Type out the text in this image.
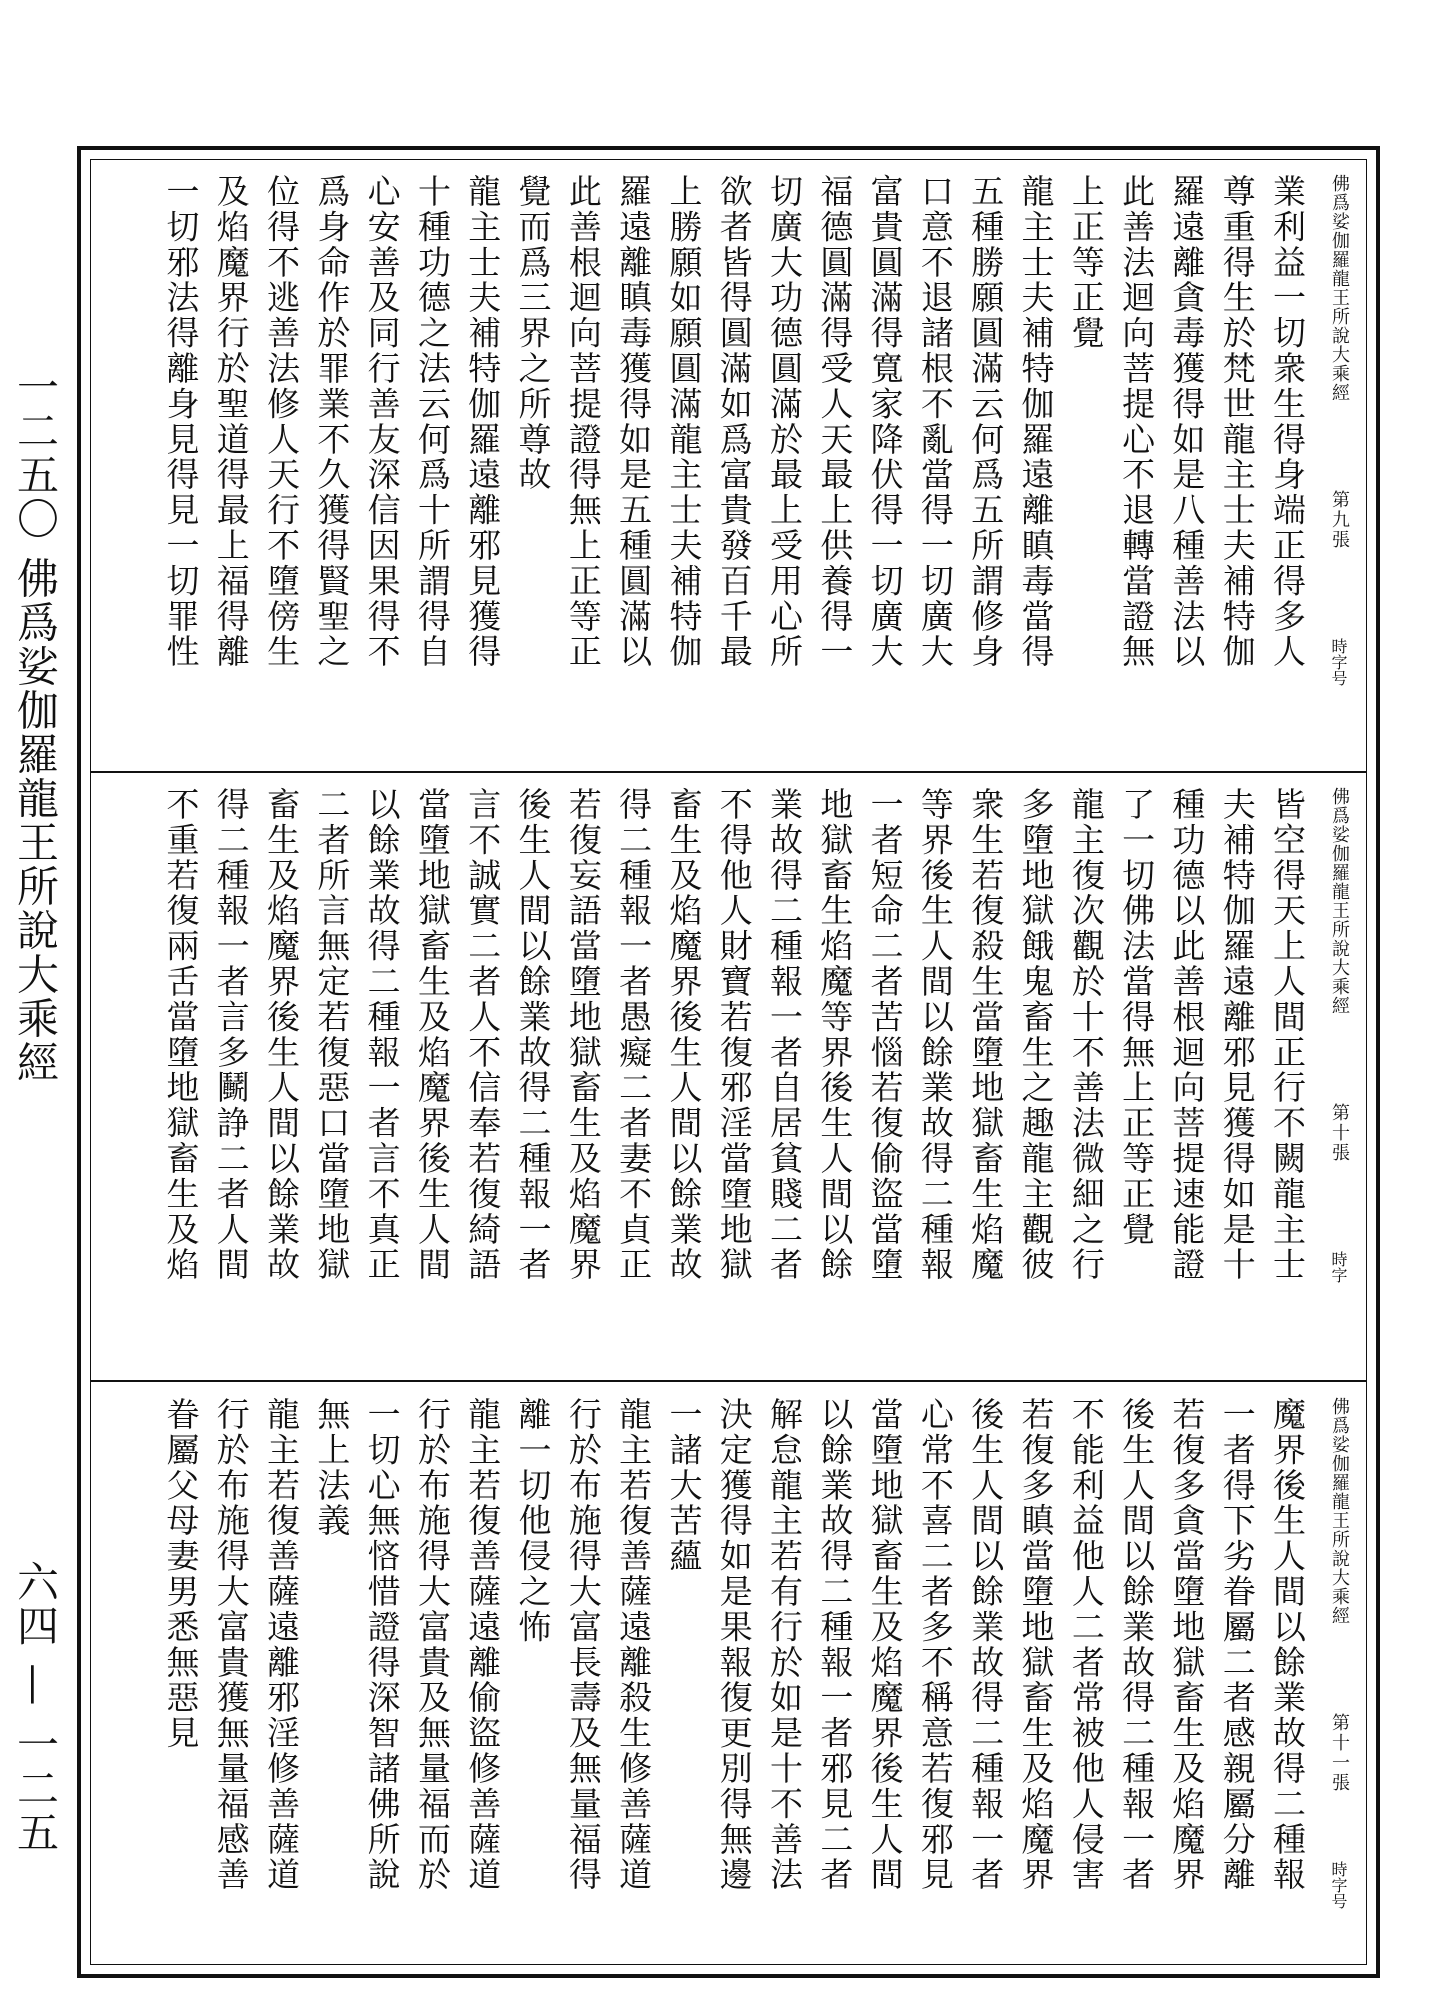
一二五〇 佛爲娑伽羅龍王所說大乘經
六四 — 一二五
佛爲娑伽羅龍王所說大乘經
第九張
時字号
業利益一切衆生得身端正得多人
尊重得生於梵世龍主士夫補特伽
羅遠離貪毒獲得如是八種善法以
此善法迴向菩提心不退轉當證無
上正等正覺
龍主士夫補特伽羅遠離瞋毒當得
五種勝願圓滿云何爲五所謂修身
口意不退諸根不亂當得一切廣大
富貴圓滿得寬家降伏得一切廣大
福德圓滿得受人天最上供養得一
切廣大功德圓滿於最上受用心所
欲者皆得圓滿如爲富貴發百千最
上勝願如願圓滿龍主士夫補特伽
羅遠離瞋毒獲得如是五種圓滿以
此善根迴向菩提證得無上正等正
覺而爲三界之所尊故
龍主士夫補特伽羅遠離邪見獲得
十種功德之法云何爲十所謂得自
心安善及同行善友深信因果得不
爲身命作於罪業不久獲得賢聖之
位得不逃善法修人天行不墮傍生
及焰魔界行於聖道得最上福得離
一切邪法得離身見得見一切罪性
佛爲娑伽羅龍王所說大乘經
第十張
時字
皆空得天上人間正行不闕龍主士
夫補特伽羅遠離邪見獲得如是十
種功德以此善根迴向菩提速能證
了一切佛法當得無上正等正覺
龍主復次觀於十不善法微細之行
多墮地獄餓鬼畜生之趣龍主觀彼
衆生若復殺生當墮地獄畜生焰魔
等界後生人間以餘業故得二種報
一者短命二者苦惱若復偷盜當墮
地獄畜生焰魔等界後生人間以餘
業故得二種報一者自居貧賤二者
不得他人財寶若復邪淫當墮地獄
畜生及焰魔界後生人間以餘業故
得二種報一者愚癡二者妻不貞正
若復妄語當墮地獄畜生及焰魔界
後生人間以餘業故得二種報一者
言不誠實二者人不信奉若復綺語
當墮地獄畜生及焰魔界後生人間
以餘業故得二種報一者言不真正
二者所言無定若復惡口當墮地獄
畜生及焰魔界後生人間以餘業故
得二種報一者言多鬭諍二者人間
不重若復兩舌當墮地獄畜生及焰
佛爲娑伽羅龍王所說大乘經
第十一張
時字号
魔界後生人間以餘業故得二種報
一者得下劣眷屬二者感親屬分離
若復多貪當墮地獄畜生及焰魔界
後生人間以餘業故得二種報一者
不能利益他人二者常被他人侵害
若復多瞋當墮地獄畜生及焰魔界
後生人間以餘業故得二種報一者
心常不喜二者多不稱意若復邪見
當墮地獄畜生及焰魔界後生人間
以餘業故得二種報一者邪見二者
解怠龍主若有行於如是十不善法
決定獲得如是果報復更別得無邊
一諸大苦蘊
龍主若復善薩遠離殺生修善薩道
行於布施得大富長壽及無量福得
離一切他侵之怖
龍主若復善薩遠離偷盜修善薩道
行於布施得大富貴及無量福而於
一切心無悋惜證得深智諸佛所說
無上法義
龍主若復善薩遠離邪淫修善薩道
行於布施得大富貴獲無量福感善
眷屬父母妻男悉無惡見
